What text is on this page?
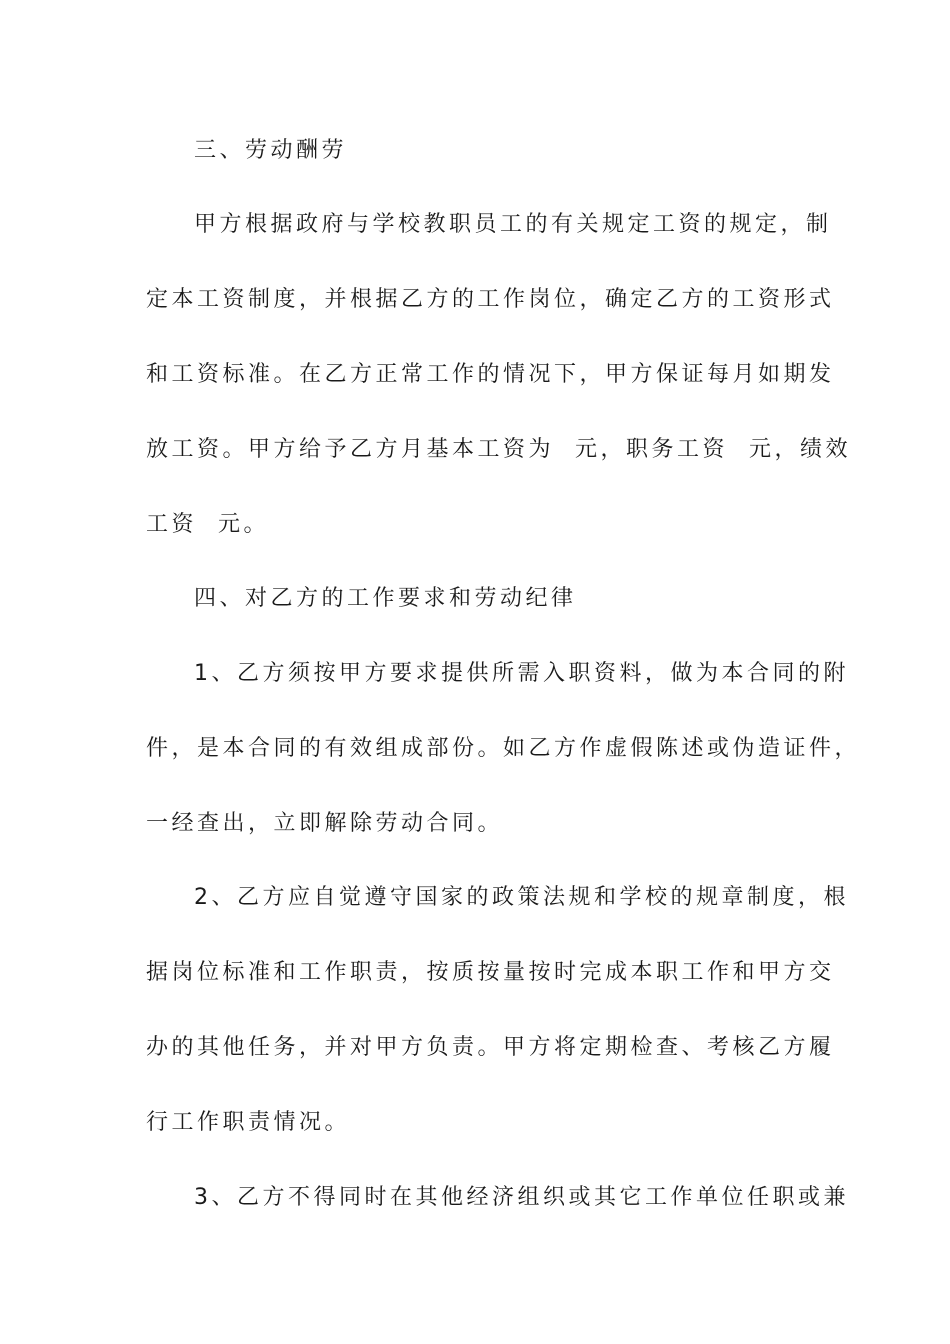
三、劳动酬劳
甲方根据政府与学校教职员工的有关规定工资的规定，制
定本工资制度，并根据乙方的工作岗位，确定乙方的工资形式
和工资标准。在乙方正常工作的情况下，甲方保证每月如期发
放工资。甲方给予乙方月基本工资为  元，职务工资  元，绩效
工资  元。
四、对乙方的工作要求和劳动纪律
1、乙方须按甲方要求提供所需入职资料，做为本合同的附
件，是本合同的有效组成部份。如乙方作虚假陈述或伪造证件，
一经查出，立即解除劳动合同。
2、乙方应自觉遵守国家的政策法规和学校的规章制度，根
据岗位标准和工作职责，按质按量按时完成本职工作和甲方交
办的其他任务，并对甲方负责。甲方将定期检查、考核乙方履
行工作职责情况。
3、乙方不得同时在其他经济组织或其它工作单位任职或兼
